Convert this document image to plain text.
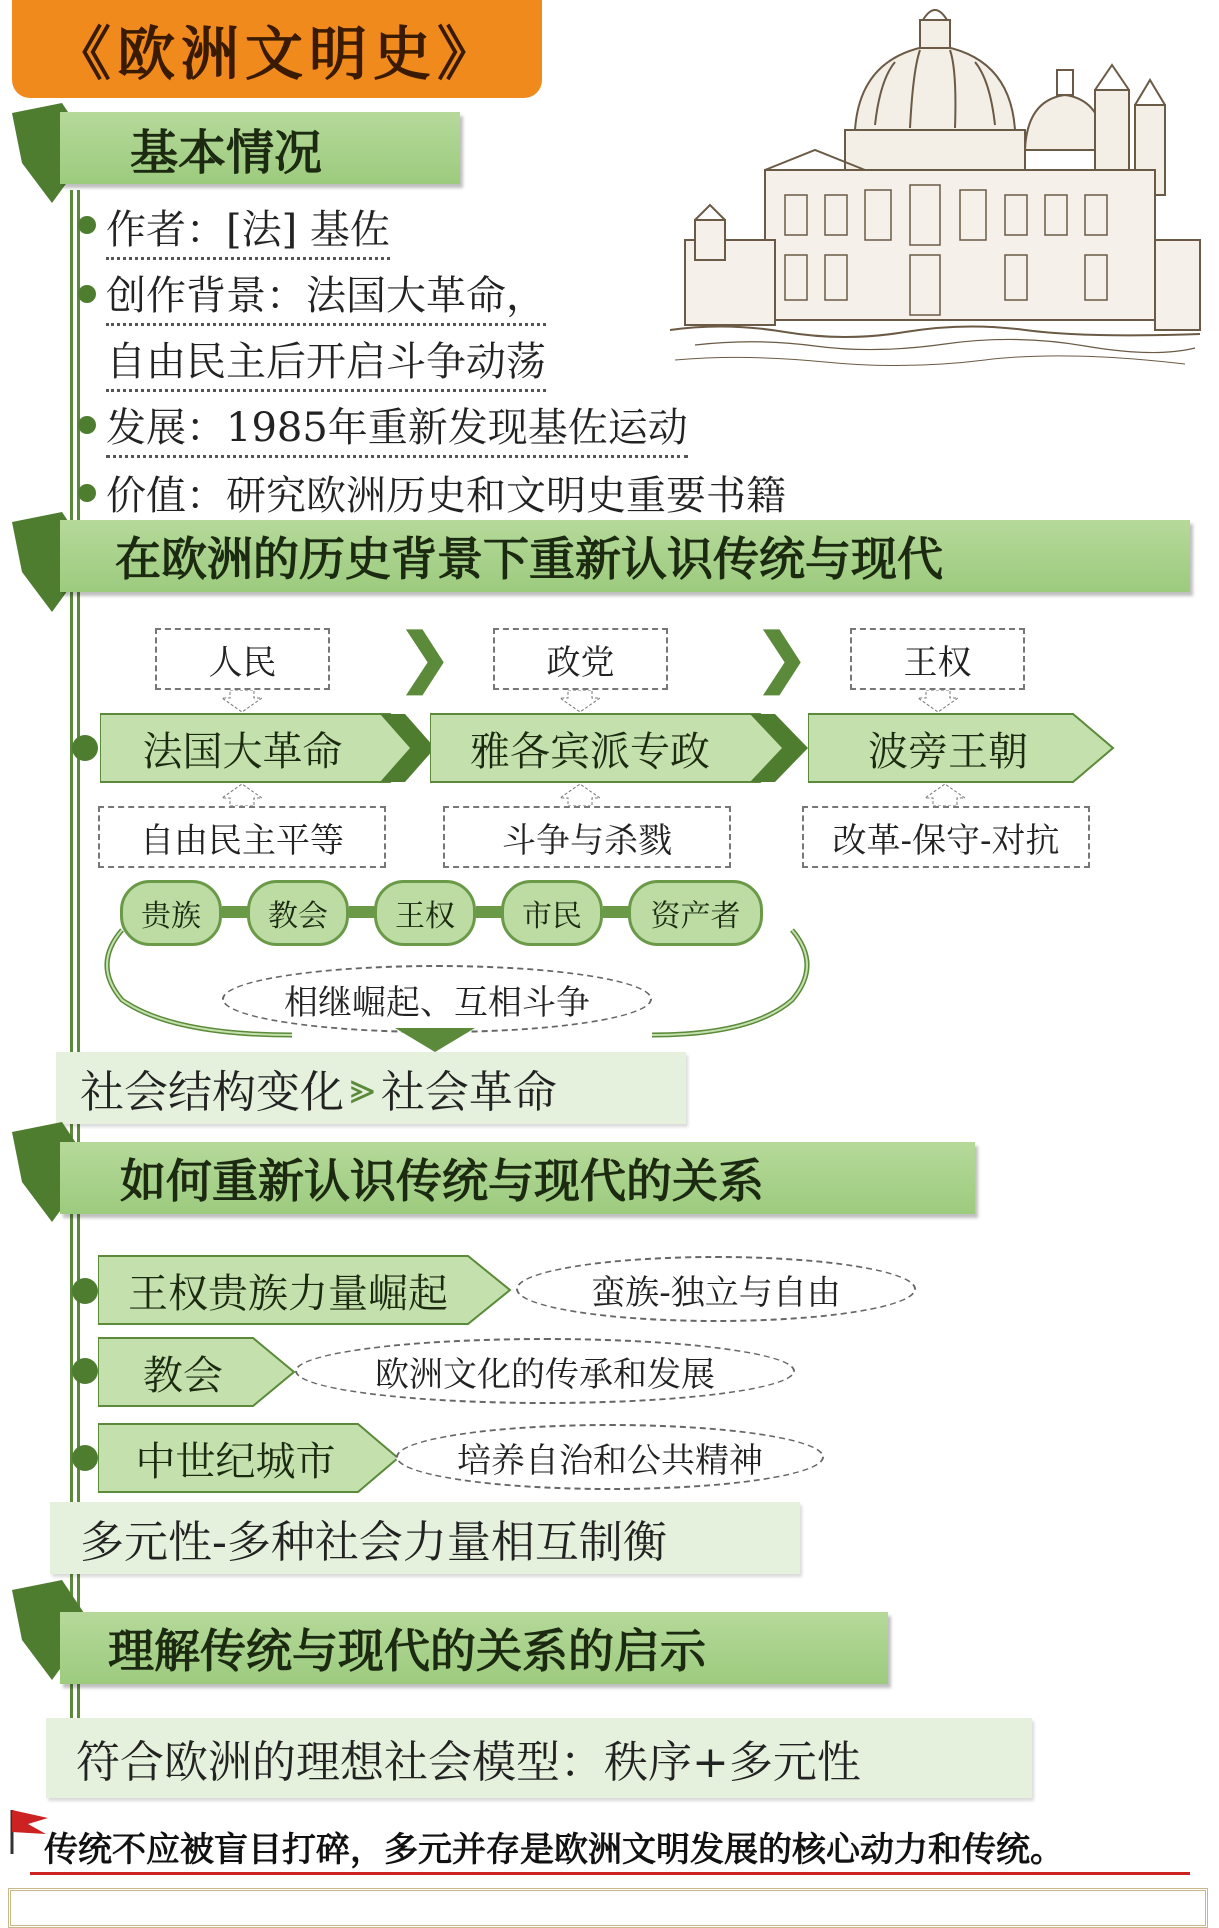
《欧洲文明史》
基本情况
作者：[法] 基佐
创作背景：法国大革命，
自由民主后开启斗争动荡
发展：1985年重新发现基佐运动
价值：研究欧洲历史和文明史重要书籍
在欧洲的历史背景下重新认识传统与现代
人民	政党	王权
❯	❯
法国大革命	雅各宾派专政	波旁王朝
自由民主平等	斗争与杀戮	改革-保守-对抗
贵族	教会	王权	市民	资产者
相继崛起、互相斗争
社会结构变化 ⪢ 社会革命
如何重新认识传统与现代的关系
王权贵族力量崛起	蛮族-独立与自由
教会	欧洲文化的传承和发展
中世纪城市	培养自治和公共精神
多元性-多种社会力量相互制衡
理解传统与现代的关系的启示
符合欧洲的理想社会模型：秩序+多元性
传统不应被盲目打碎，多元并存是欧洲文明发展的核心动力和传统。
